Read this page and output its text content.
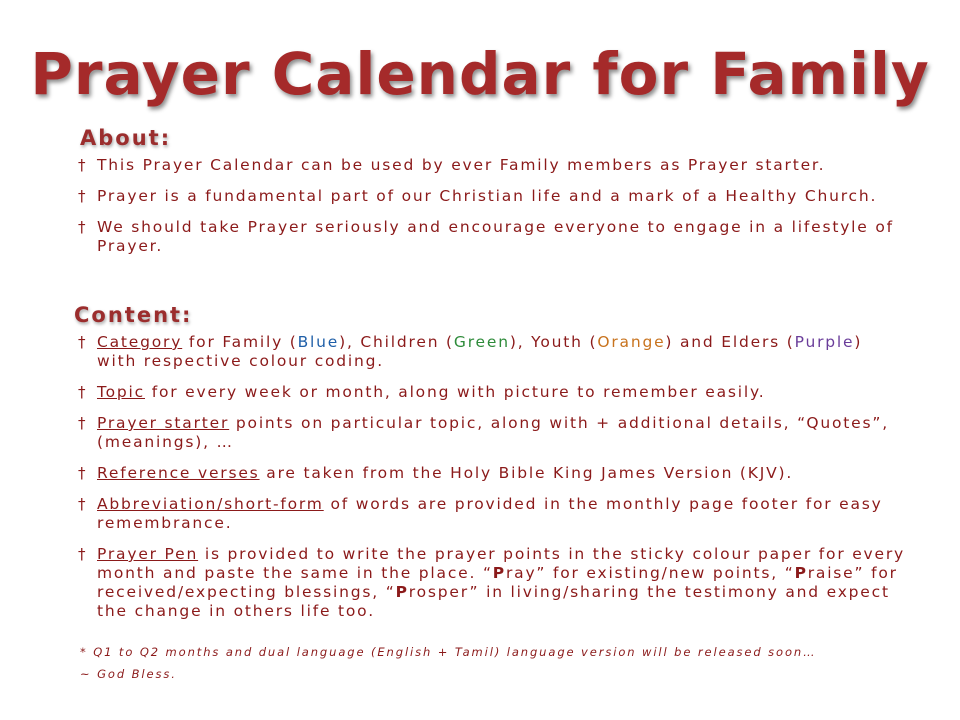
Prayer Calendar for Family
About:
† This Prayer Calendar can be used by ever Family members as Prayer starter.
† Prayer is a fundamental part of our Christian life and a mark of a Healthy Church.
† We should take Prayer seriously and encourage everyone to engage in a lifestyle of Prayer.
Content:
† Category for Family (Blue), Children (Green), Youth (Orange) and Elders (Purple) with respective colour coding.
† Topic for every week or month, along with picture to remember easily.
† Prayer starter points on particular topic, along with + additional details, “Quotes”, (meanings), …
† Reference verses are taken from the Holy Bible King James Version (KJV).
† Abbreviation/short-form of words are provided in the monthly page footer for easy remembrance.
† Prayer Pen is provided to write the prayer points in the sticky colour paper for every month and paste the same in the place. “Pray” for existing/new points, “Praise” for received/expecting blessings, “Prosper” in living/sharing the testimony and expect the change in others life too.

* Q1 to Q2 months and dual language (English + Tamil) language version will be released soon…

~ God Bless.
